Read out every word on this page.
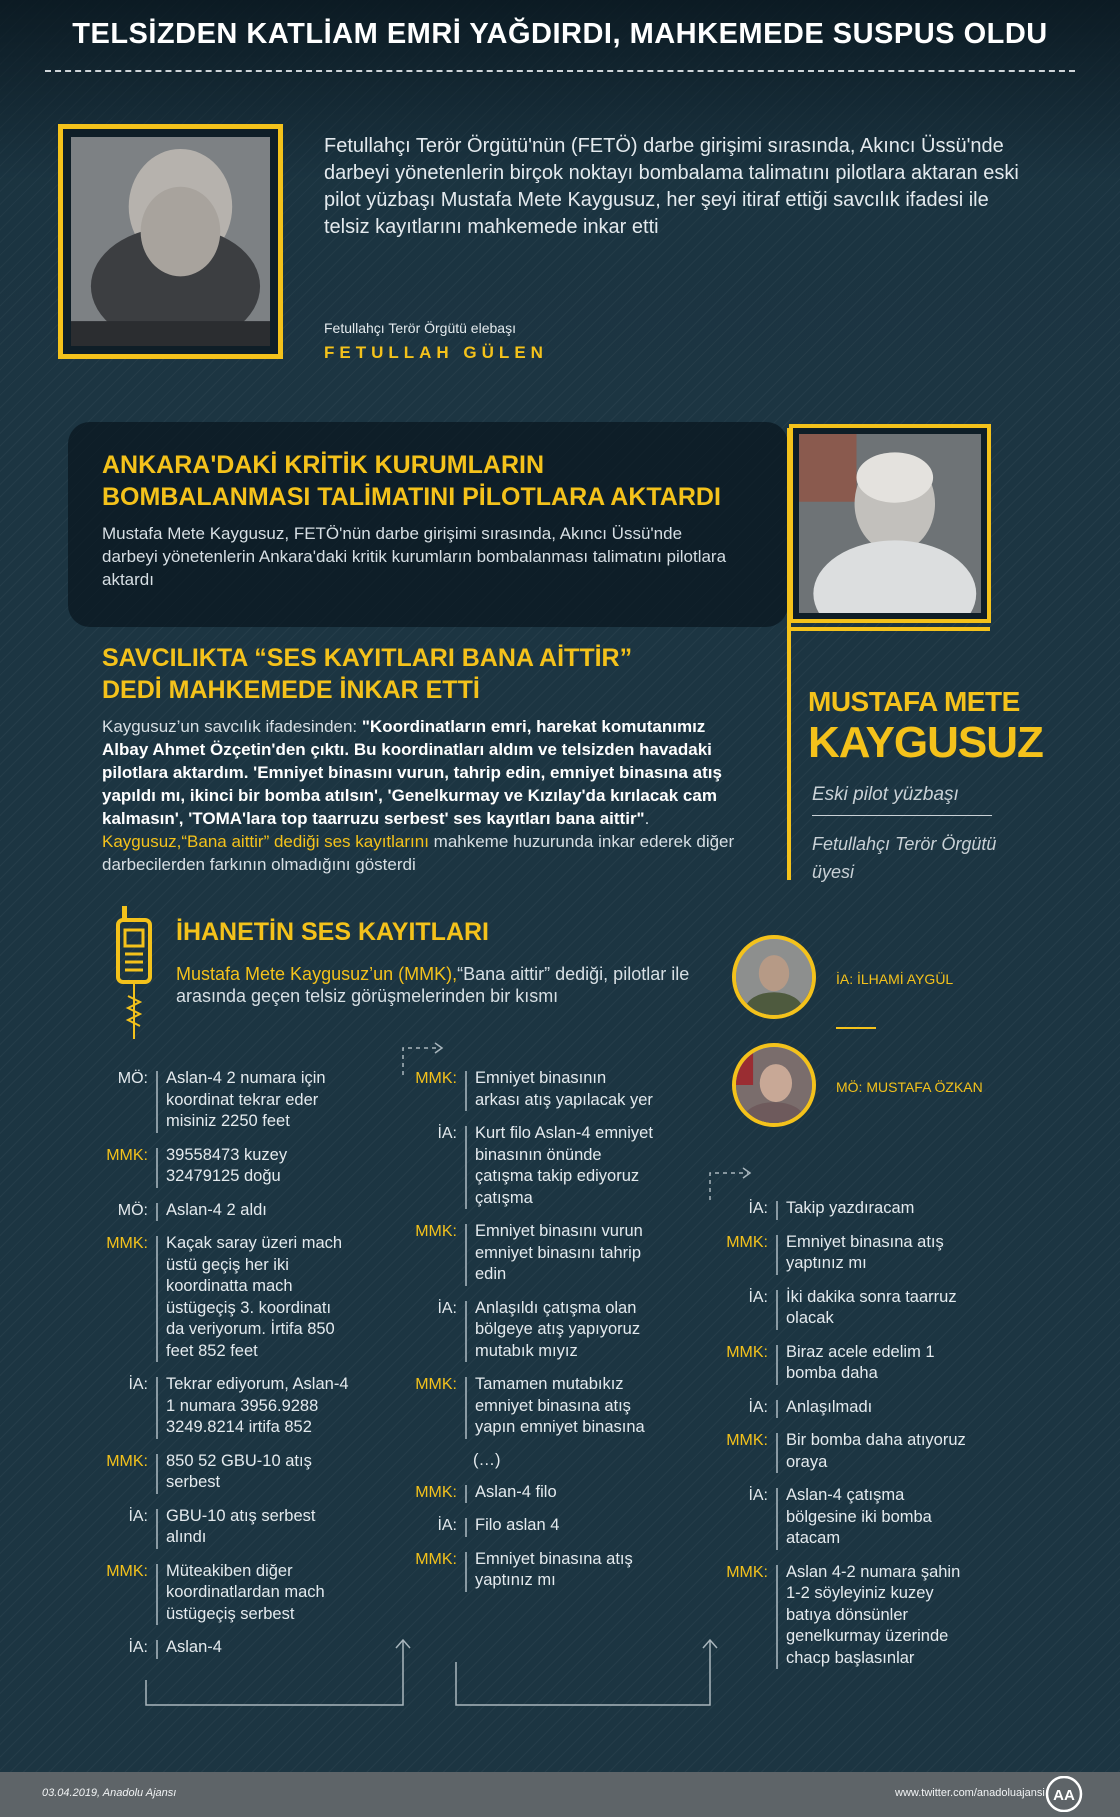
TELSİZDEN KATLİAM EMRİ YAĞDIRDI, MAHKEMEDE SUSPUS OLDU
Fetullahçı Terör Örgütü'nün (FETÖ) darbe girişimi sırasında, Akıncı Üssü'nde darbeyi yönetenlerin birçok noktayı bombalama talimatını pilotlara aktaran eski pilot yüzbaşı Mustafa Mete Kaygusuz, her şeyi itiraf ettiği savcılık ifadesi ile telsiz kayıtlarını mahkemede inkar etti
Fetullahçı Terör Örgütü elebaşı
FETULLAH GÜLEN
ANKARA'DAKİ KRİTİK KURUMLARIN BOMBALANMASI TALİMATINI PİLOTLARA AKTARDI
Mustafa Mete Kaygusuz, FETÖ'nün darbe girişimi sırasında, Akıncı Üssü'nde darbeyi yönetenlerin Ankara'daki kritik kurumların bombalanması talimatını pilotlara aktardı
SAVCILIKTA “SES KAYITLARI BANA AİTTİR” DEDİ MAHKEMEDE İNKAR ETTİ
Kaygusuz’un savcılık ifadesinden: "Koordinatların emri, harekat komutanımız Albay Ahmet Özçetin'den çıktı. Bu koordinatları aldım ve telsizden havadaki pilotlara aktardım. 'Emniyet binasını vurun, tahrip edin, emniyet binasına atış yapıldı mı, ikinci bir bomba atılsın', 'Genelkurmay ve Kızılay'da kırılacak cam kalmasın', 'TOMA'lara top taarruzu serbest' ses kayıtları bana aittir". Kaygusuz,“Bana aittir” dediği ses kayıtlarını mahkeme huzurunda inkar ederek diğer darbecilerden farkının olmadığını gösterdi
MUSTAFA METE
KAYGUSUZ
Eski pilot yüzbaşı
Fetullahçı Terör Örgütü üyesi
İHANETİN SES KAYITLARI
Mustafa Mete Kaygusuz’un (MMK),“Bana aittir” dediği, pilotlar ile arasında geçen telsiz görüşmelerinden bir kısmı
İA: İLHAMİ AYGÜL
MÖ: MUSTAFA ÖZKAN
MÖ: Aslan-4 2 numara için koordinat tekrar eder misiniz 2250 feet
MMK: 39558473 kuzey 32479125 doğu
MÖ: Aslan-4 2 aldı
MMK: Kaçak saray üzeri mach üstü geçiş her iki koordinatta mach üstügeçiş 3. koordinatı da veriyorum. İrtifa 850 feet 852 feet
İA: Tekrar ediyorum, Aslan-4 1 numara 3956.9288 3249.8214 irtifa 852
MMK: 850 52 GBU-10 atış serbest
İA: GBU-10 atış serbest alındı
MMK: Müteakiben diğer koordinatlardan mach üstügeçiş serbest
İA: Aslan-4
MMK: Emniyet binasının arkası atış yapılacak yer
İA: Kurt filo Aslan-4 emniyet binasının önünde çatışma takip ediyoruz çatışma
MMK: Emniyet binasını vurun emniyet binasını tahrip edin
İA: Anlaşıldı çatışma olan bölgeye atış yapıyoruz mutabık mıyız
MMK: Tamamen mutabıkız emniyet binasına atış yapın emniyet binasına
(…)
MMK: Aslan-4 filo
İA: Filo aslan 4
MMK: Emniyet binasına atış yaptınız mı
İA: Takip yazdıracam
MMK: Emniyet binasına atış yaptınız mı
İA: İki dakika sonra taarruz olacak
MMK: Biraz acele edelim 1 bomba daha
İA: Anlaşılmadı
MMK: Bir bomba daha atıyoruz oraya
İA: Aslan-4 çatışma bölgesine iki bomba atacam
MMK: Aslan 4-2 numara şahin 1-2 söyleyiniz kuzey batıya dönsünler genelkurmay üzerinde chacp başlasınlar
03.04.2019, Anadolu Ajansı	www.twitter.com/anadoluajansi AA
